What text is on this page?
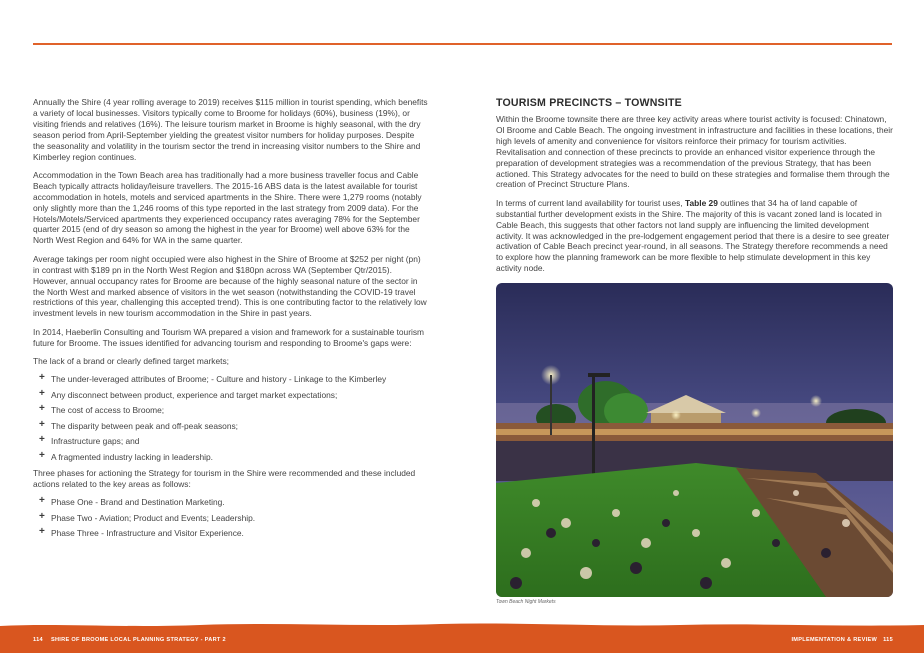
Annually the Shire (4 year rolling average to 2019) receives $115 million in tourist spending, which benefits a variety of local businesses. Visitors typically come to Broome for holidays (60%), business (19%), or visiting friends and relatives (16%). The leisure tourism market in Broome is highly seasonal, with the dry season period from April-September yielding the greatest visitor numbers for holiday purposes. Despite the seasonality and volatility in the tourism sector the trend in increasing visitor numbers to the Shire and Kimberley region continues.

Accommodation in the Town Beach area has traditionally had a more business traveller focus and Cable Beach typically attracts holiday/leisure travellers. The 2015-16 ABS data is the latest available for tourist accommodation in hotels, motels and serviced apartments in the Shire. There were 1,279 rooms (notably only slightly more than the 1,246 rooms of this type reported in the last strategy from 2009 data). For the Hotels/Motels/Serviced apartments they experienced occupancy rates averaging 78% for the September quarter 2015 (end of dry season so among the highest in the year for Broome) well above 63% for the North West Region and 64% for WA in the same quarter.

Average takings per room night occupied were also highest in the Shire of Broome at $252 per night (pn) in contrast with $189 pn in the North West Region and $180pn across WA (September Qtr/2015). However, annual occupancy rates for Broome are because of the highly seasonal nature of the sector in the North West and marked absence of visitors in the wet season (notwithstanding the COVID-19 travel restrictions of this year, challenging this accepted trend). This is one contributing factor to the relatively low investment levels in new tourism accommodation in the Shire in past years.

In 2014, Haeberlin Consulting and Tourism WA prepared a vision and framework for a sustainable tourism future for Broome. The issues identified for advancing tourism and responding to Broome's gaps were:

The lack of a brand or clearly defined target markets;

+ The under-leveraged attributes of Broome; - Culture and history - Linkage to the Kimberley
+ Any disconnect between product, experience and target market expectations;
+ The cost of access to Broome;
+ The disparity between peak and off-peak seasons;
+ Infrastructure gaps; and
+ A fragmented industry lacking in leadership.

Three phases for actioning the Strategy for tourism in the Shire were recommended and these included actions related to the key areas as follows:

+ Phase One - Brand and Destination Marketing.
+ Phase Two - Aviation; Product and Events; Leadership.
+ Phase Three - Infrastructure and Visitor Experience.
TOURISM PRECINCTS – TOWNSITE

Within the Broome townsite there are three key activity areas where tourist activity is focused: Chinatown, Ol Broome and Cable Beach. The ongoing investment in infrastructure and facilities in these locations, their high levels of amenity and convenience for visitors reinforce their primacy for tourism activities. Revitalisation and connection of these precincts to provide an enhanced visitor experience through the preparation of development strategies was a recommendation of the previous Strategy, that has been actioned. This Strategy advocates for the need to build on these strategies and formalise them through the creation of Precinct Structure Plans.

In terms of current land availability for tourist uses, Table 29 outlines that 34 ha of land capable of substantial further development exists in the Shire. The majority of this is vacant zoned land is located in Cable Beach, this suggests that other factors not land supply are influencing the limited development activity. It was acknowledged in the pre-lodgement engagement period that there is a desire to see greater activation of Cable Beach precinct year-round, in all seasons. The Strategy therefore recommends a need to explore how the planning framework can be more flexible to help stimulate development in this key activity node.

Town Beach Night Markets
114 SHIRE OF BROOME LOCAL PLANNING STRATEGY - PART 2	IMPLEMENTATION & REVIEW 115
